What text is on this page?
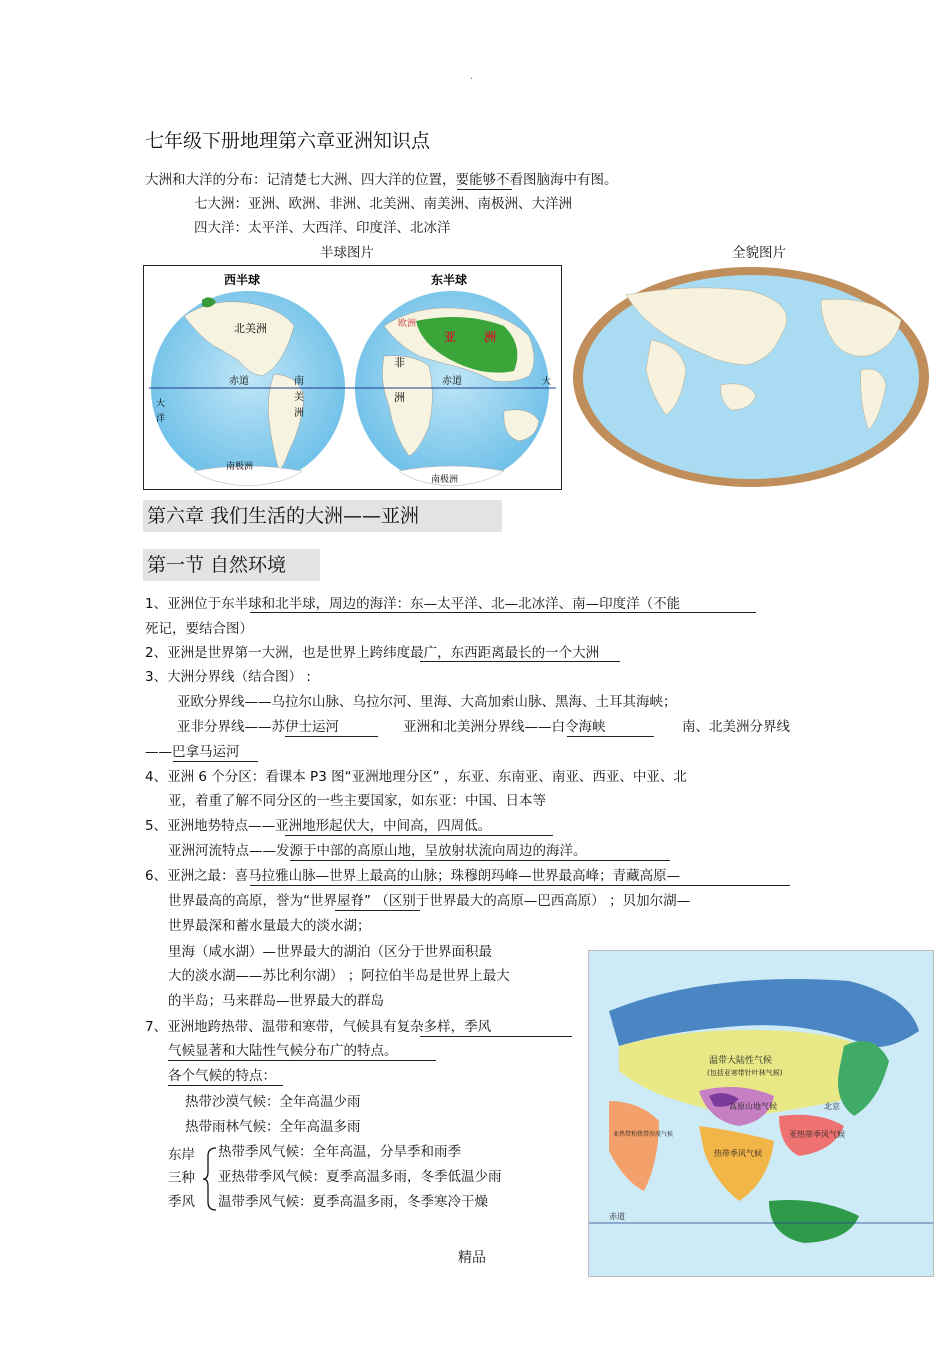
·
七年级下册地理第六章亚洲知识点
大洲和大洋的分布：记清楚七大洲、四大洋的位置，要能够不看图脑海中有图。
七大洲：亚洲、欧洲、非洲、北美洲、南美洲、南极洲、大洋洲
四大洋：太平洋、大西洋、印度洋、北冰洋
半球图片	全貌图片
西半球	东半球
北美洲
南
美
洲
赤道	赤道
大
洋
南极洲
南极洲
亚 洲
非
洲
欧洲
大
第六章 我们生活的大洲——亚洲
第一节 自然环境
1、亚洲位于东半球和北半球，周边的海洋：东—太平洋、北—北冰洋、南—印度洋（不能
死记，要结合图）
2、亚洲是世界第一大洲，也是世界上跨纬度最广，东西距离最长的一个大洲
3、大洲分界线（结合图） :
亚欧分界线——乌拉尔山脉、乌拉尔河、里海、大高加索山脉、黑海、土耳其海峡；
亚非分界线——苏伊士运河	亚洲和北美洲分界线——白令海峡	南、北美洲分界线
——巴拿马运河
4、亚洲 6 个分区：看课本 P3 图“亚洲地理分区” ，东亚、东南亚、南亚、西亚、中亚、北
亚，着重了解不同分区的一些主要国家，如东亚：中国、日本等
5、亚洲地势特点——亚洲地形起伏大，中间高，四周低。
亚洲河流特点——发源于中部的高原山地，呈放射状流向周边的海洋。
6、亚洲之最：喜马拉雅山脉—世界上最高的山脉；珠穆朗玛峰—世界最高峰；青藏高原—
世界最高的高原，誉为“世界屋脊” （区别于世界最大的高原—巴西高原） ；贝加尔湖—
世界最深和蓄水量最大的淡水湖；
里海（咸水湖）—世界最大的湖泊（区分于世界面积最
大的淡水湖——苏比利尔湖） ；阿拉伯半岛是世界上最大
的半岛；马来群岛—世界最大的群岛
7、亚洲地跨热带、温带和寒带，气候具有复杂多样，季风
气候显著和大陆性气候分布广的特点。
各个气候的特点：
热带沙漠气候：全年高温少雨
热带雨林气候：全年高温多雨
东岸
三种
季风
热带季风气候：全年高温，分旱季和雨季
亚热带季风气候：夏季高温多雨，冬季低温少雨
温带季风气候：夏季高温多雨，冬季寒冷干燥
温带大陆性气候
(包括亚寒带针叶林气候)
高原山地气候
热带季风气候
亚热带季风气候
北京
赤道
亚热带和热带沙漠气候
精品
